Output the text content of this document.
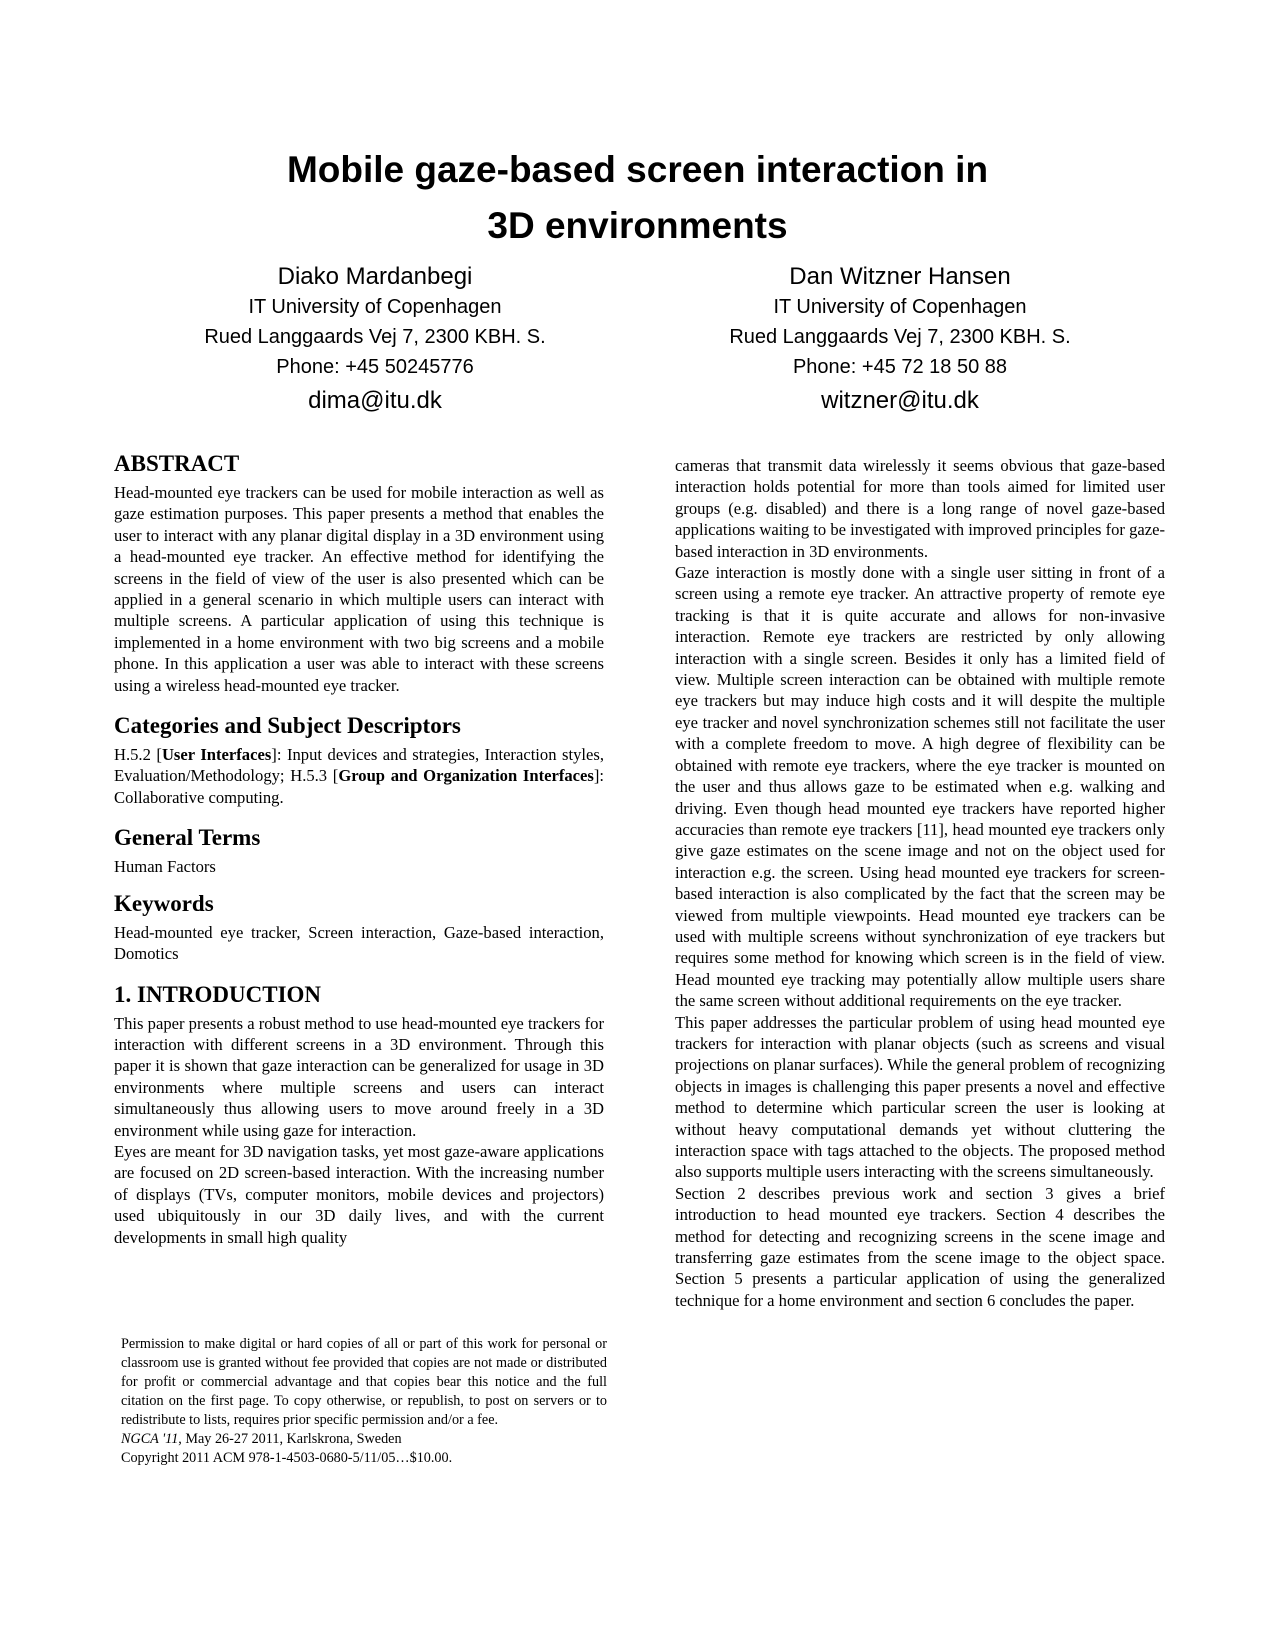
Mobile gaze-based screen interaction in
3D environments
Diako Mardanbegi
IT University of Copenhagen
Rued Langgaards Vej 7, 2300 KBH. S.
Phone: +45 50245776
dima@itu.dk
Dan Witzner Hansen
IT University of Copenhagen
Rued Langgaards Vej 7, 2300 KBH. S.
Phone: +45 72 18 50 88
witzner@itu.dk
ABSTRACT

Head-mounted eye trackers can be used for mobile interaction as well as gaze estimation purposes. This paper presents a method that enables the user to interact with any planar digital display in a 3D environment using a head-mounted eye tracker. An effective method for identifying the screens in the field of view of the user is also presented which can be applied in a general scenario in which multiple users can interact with multiple screens. A particular application of using this technique is implemented in a home environment with two big screens and a mobile phone. In this application a user was able to interact with these screens using a wireless head-mounted eye tracker.

Categories and Subject Descriptors

H.5.2 [User Interfaces]: Input devices and strategies, Interaction styles, Evaluation/Methodology; H.5.3 [Group and Organization Interfaces]: Collaborative computing.

General Terms

Human Factors

Keywords

Head-mounted eye tracker, Screen interaction, Gaze-based interaction, Domotics

1. INTRODUCTION

This paper presents a robust method to use head-mounted eye trackers for interaction with different screens in a 3D environment. Through this paper it is shown that gaze interaction can be generalized for usage in 3D environments where multiple screens and users can interact simultaneously thus allowing users to move around freely in a 3D environment while using gaze for interaction.

Eyes are meant for 3D navigation tasks, yet most gaze-aware applications are focused on 2D screen-based interaction. With the increasing number of displays (TVs, computer monitors, mobile devices and projectors) used ubiquitously in our 3D daily lives, and with the current developments in small high quality

Permission to make digital or hard copies of all or part of this work for personal or classroom use is granted without fee provided that copies are not made or distributed for profit or commercial advantage and that copies bear this notice and the full citation on the first page. To copy otherwise, or republish, to post on servers or to redistribute to lists, requires prior specific permission and/or a fee.

NGCA '11, May 26-27 2011, Karlskrona, Sweden

Copyright 2011 ACM 978-1-4503-0680-5/11/05…$10.00.

cameras that transmit data wirelessly it seems obvious that gaze-based interaction holds potential for more than tools aimed for limited user groups (e.g. disabled) and there is a long range of novel gaze-based applications waiting to be investigated with improved principles for gaze-based interaction in 3D environments.

Gaze interaction is mostly done with a single user sitting in front of a screen using a remote eye tracker. An attractive property of remote eye tracking is that it is quite accurate and allows for non-invasive interaction. Remote eye trackers are restricted by only allowing interaction with a single screen. Besides it only has a limited field of view. Multiple screen interaction can be obtained with multiple remote eye trackers but may induce high costs and it will despite the multiple eye tracker and novel synchronization schemes still not facilitate the user with a complete freedom to move. A high degree of flexibility can be obtained with remote eye trackers, where the eye tracker is mounted on the user and thus allows gaze to be estimated when e.g. walking and driving. Even though head mounted eye trackers have reported higher accuracies than remote eye trackers [11], head mounted eye trackers only give gaze estimates on the scene image and not on the object used for interaction e.g. the screen. Using head mounted eye trackers for screen-based interaction is also complicated by the fact that the screen may be viewed from multiple viewpoints. Head mounted eye trackers can be used with multiple screens without synchronization of eye trackers but requires some method for knowing which screen is in the field of view. Head mounted eye tracking may potentially allow multiple users share the same screen without additional requirements on the eye tracker.

This paper addresses the particular problem of using head mounted eye trackers for interaction with planar objects (such as screens and visual projections on planar surfaces). While the general problem of recognizing objects in images is challenging this paper presents a novel and effective method to determine which particular screen the user is looking at without heavy computational demands yet without cluttering the interaction space with tags attached to the objects. The proposed method also supports multiple users interacting with the screens simultaneously.

Section 2 describes previous work and section 3 gives a brief introduction to head mounted eye trackers. Section 4 describes the method for detecting and recognizing screens in the scene image and transferring gaze estimates from the scene image to the object space. Section 5 presents a particular application of using the generalized technique for a home environment and section 6 concludes the paper.
